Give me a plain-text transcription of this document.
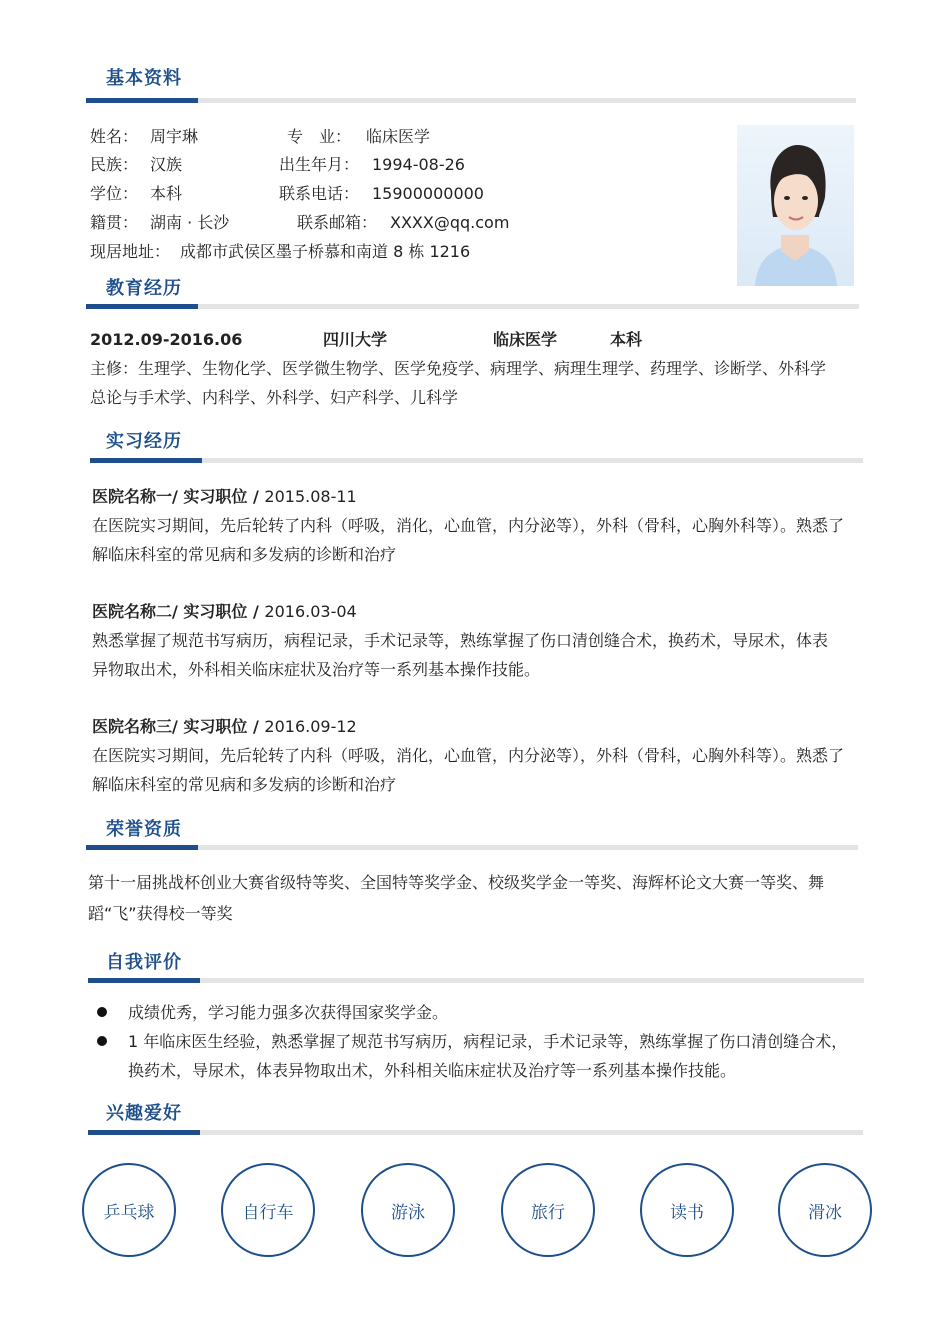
基本资料
姓名： 周宇琳	专　业： 临床医学
民族： 汉族	出生年月： 1994-08-26
学位： 本科	联系电话： 15900000000
籍贯： 湖南 · 长沙	联系邮箱： XXXX@qq.com
现居地址： 成都市武侯区墨子桥慕和南道 8 栋 1216
教育经历
2012.09-2016.06	四川大学	临床医学	本科
主修：生理学、生物化学、医学微生物学、医学免疫学、病理学、病理生理学、药理学、诊断学、外科学总论与手术学、内科学、外科学、妇产科学、儿科学
实习经历
医院名称一/ 实习职位 / 2015.08-11
在医院实习期间，先后轮转了内科（呼吸，消化，心血管，内分泌等），外科（骨科，心胸外科等）。熟悉了解临床科室的常见病和多发病的诊断和治疗
医院名称二/ 实习职位 / 2016.03-04
熟悉掌握了规范书写病历，病程记录，手术记录等，熟练掌握了伤口清创缝合术，换药术，导尿术，体表异物取出术，外科相关临床症状及治疗等一系列基本操作技能。
医院名称三/ 实习职位 / 2016.09-12
在医院实习期间，先后轮转了内科（呼吸，消化，心血管，内分泌等），外科（骨科，心胸外科等）。熟悉了解临床科室的常见病和多发病的诊断和治疗
荣誉资质
第十一届挑战杯创业大赛省级特等奖、全国特等奖学金、校级奖学金一等奖、海辉杯论文大赛一等奖、舞蹈“飞”获得校一等奖
自我评价
成绩优秀，学习能力强多次获得国家奖学金。
1 年临床医生经验，熟悉掌握了规范书写病历，病程记录，手术记录等，熟练掌握了伤口清创缝合术，换药术，导尿术，体表异物取出术，外科相关临床症状及治疗等一系列基本操作技能。
兴趣爱好
乒乓球	自行车	游泳	旅行	读书	滑冰
